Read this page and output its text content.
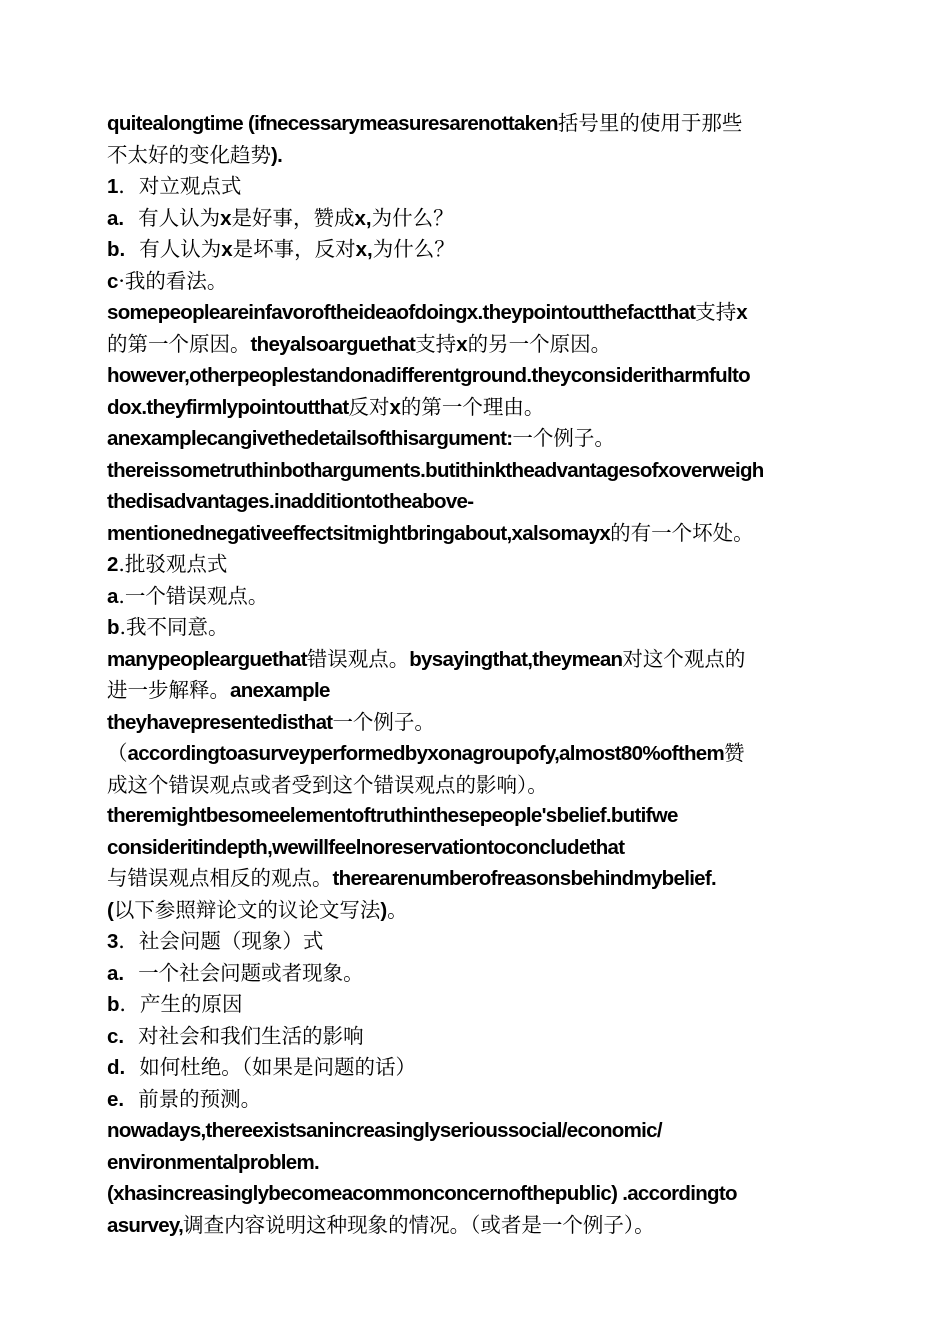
quitealongtime (ifnecessarymeasuresarenottaken括号里的使用于那些
不太好的变化趋势).
1．对立观点式
a. 有人认为x是好事，赞成x,为什么？
b. 有人认为x是坏事，反对x,为什么？
c·我的看法。
somepeopleareinfavoroftheideaofdoingx.theypointoutthefactthat支持x
的第一个原因。theyalsoarguethat支持x的另一个原因。
however,otherpeoplestandonadifferentground.theyconsideritharmfulto
dox.theyfirmlypointoutthat反对x的第一个理由。
anexamplecangivethedetailsofthisargument:一个例子。
thereissometruthinbotharguments.butithinktheadvantagesofxoverweigh
thedisadvantages.inadditiontotheabove-
mentionednegativeeffectsitmightbringabout,xalsomayx的有一个坏处。
2.批驳观点式
a.一个错误观点。
b.我不同意。
manypeoplearguethat错误观点。bysayingthat,theymean对这个观点的
进一步解释。anexample
theyhavepresentedisthat一个例子。
（accordingtoasurveyperformedbyxonagroupofy,almost80%ofthem赞
成这个错误观点或者受到这个错误观点的影响）。
theremightbesomeelementoftruthinthesepeople'sbelief.butifwe
consideritindepth,wewillfeelnoreservationtoconcludethat
与错误观点相反的观点。therearenumberofreasonsbehindmybelief.
(以下参照辩论文的议论文写法)。
3．社会问题（现象）式
a. 一个社会问题或者现象。
b．产生的原因
c. 对社会和我们生活的影响
d. 如何杜绝。（如果是问题的话）
e. 前景的预测。
nowadays,thereexistsanincreasinglyserioussocial/economic/
environmentalproblem.
(xhasincreasinglybecomeacommonconcernofthepublic) .accordingto
asurvey,调查内容说明这种现象的情况。（或者是一个例子）。
